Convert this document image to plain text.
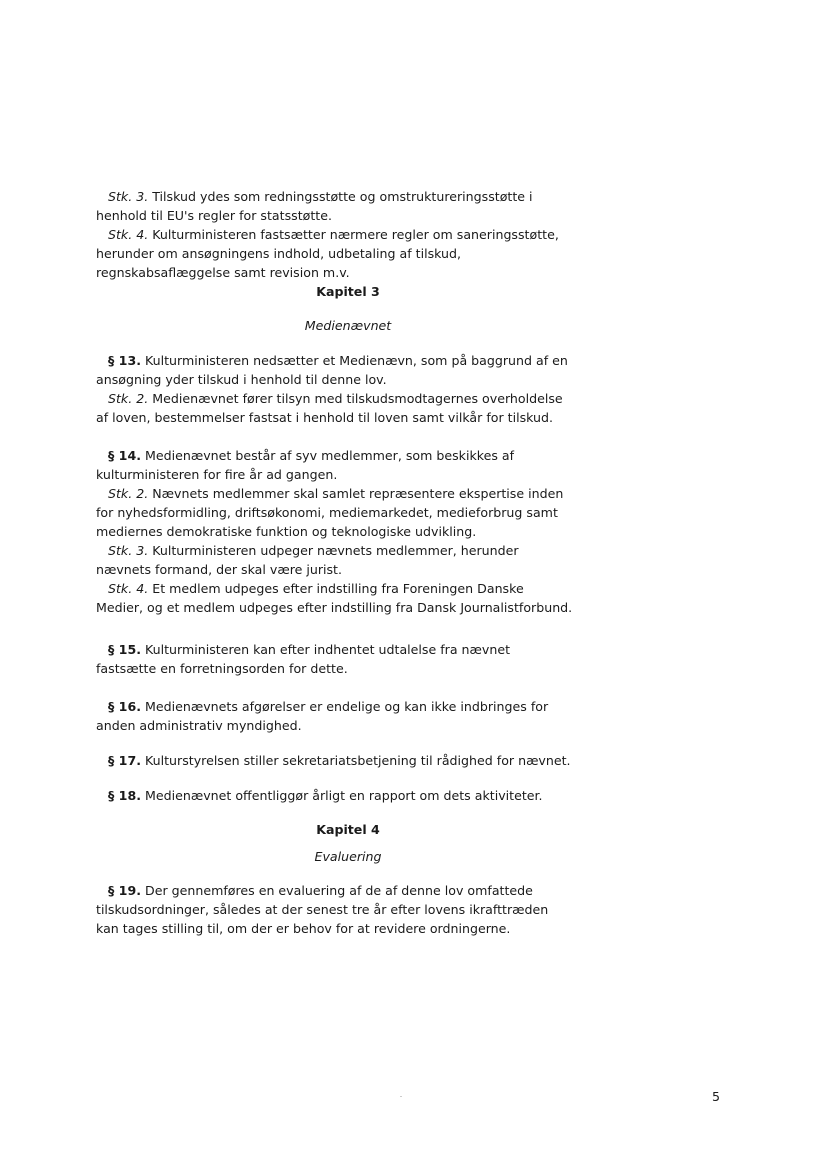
Stk. 3. Tilskud ydes som redningsstøtte og omstruktureringsstøtte i
henhold til EU's regler for statsstøtte.
Stk. 4. Kulturministeren fastsætter nærmere regler om saneringsstøtte,
herunder om ansøgningens indhold, udbetaling af tilskud,
regnskabsaflæggelse samt revision m.v.
Kapitel 3
Medienævnet
§ 13. Kulturministeren nedsætter et Medienævn, som på baggrund af en
ansøgning yder tilskud i henhold til denne lov.
Stk. 2. Medienævnet fører tilsyn med tilskudsmodtagernes overholdelse
af loven, bestemmelser fastsat i henhold til loven samt vilkår for tilskud.
§ 14. Medienævnet består af syv medlemmer, som beskikkes af
kulturministeren for fire år ad gangen.
Stk. 2. Nævnets medlemmer skal samlet repræsentere ekspertise inden
for nyhedsformidling, driftsøkonomi, mediemarkedet, medieforbrug samt
mediernes demokratiske funktion og teknologiske udvikling.
Stk. 3. Kulturministeren udpeger nævnets medlemmer, herunder
nævnets formand, der skal være jurist.
Stk. 4. Et medlem udpeges efter indstilling fra Foreningen Danske
Medier, og et medlem udpeges efter indstilling fra Dansk Journalistforbund.
§ 15. Kulturministeren kan efter indhentet udtalelse fra nævnet
fastsætte en forretningsorden for dette.
§ 16. Medienævnets afgørelser er endelige og kan ikke indbringes for
anden administrativ myndighed.
§ 17. Kulturstyrelsen stiller sekretariatsbetjening til rådighed for nævnet.
§ 18. Medienævnet offentliggør årligt en rapport om dets aktiviteter.
Kapitel 4
Evaluering
§ 19. Der gennemføres en evaluering af de af denne lov omfattede
tilskudsordninger, således at der senest tre år efter lovens ikrafttræden
kan tages stilling til, om der er behov for at revidere ordningerne.
5
